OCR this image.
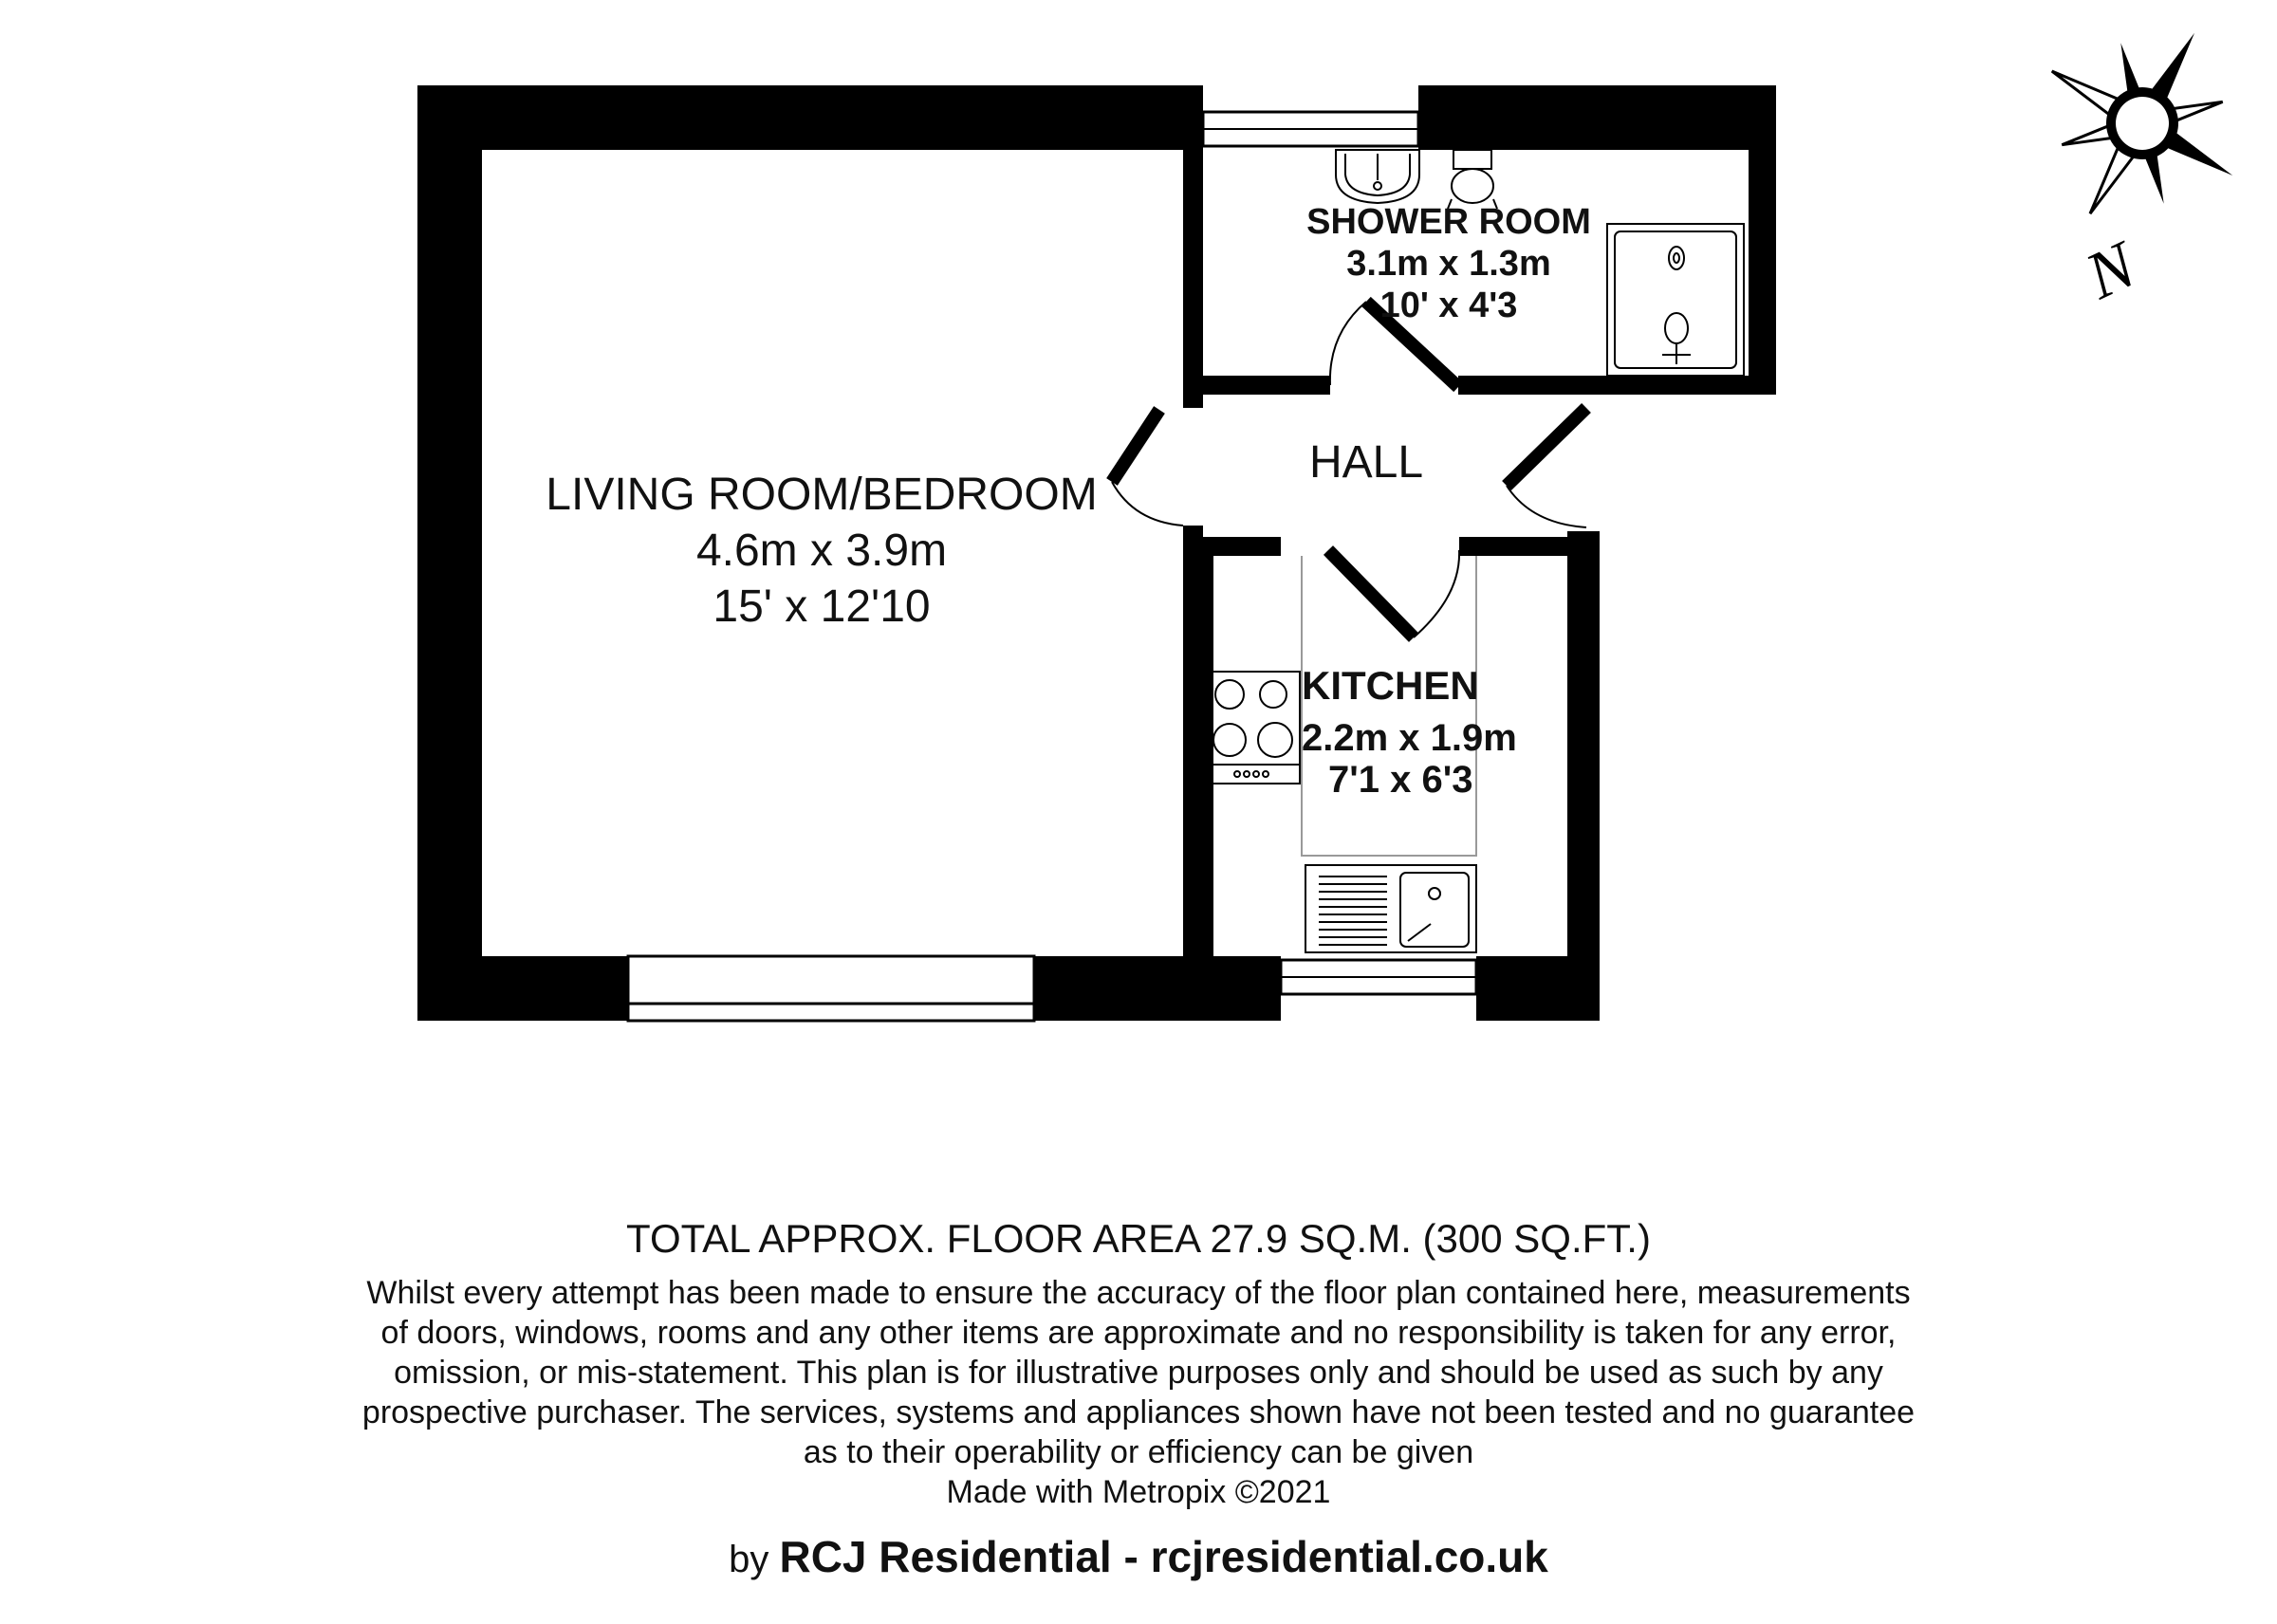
N
LIVING ROOM/BEDROOM
4.6m x 3.9m
15' x 12'10
SHOWER ROOM
3.1m x 1.3m
10' x 4'3
HALL
KITCHEN
2.2m x 1.9m
7'1 x 6'3
TOTAL APPROX. FLOOR AREA 27.9 SQ.M. (300 SQ.FT.)
Whilst every attempt has been made to ensure the accuracy of the floor plan contained here, measurements
of doors, windows, rooms and any other items are approximate and no responsibility is taken for any error,
omission, or mis-statement. This plan is for illustrative purposes only and should be used as such by any
prospective purchaser. The services, systems and appliances shown have not been tested and no guarantee
as to their operability or efficiency can be given
Made with Metropix ©2021
by RCJ Residential - rcjresidential.co.uk
